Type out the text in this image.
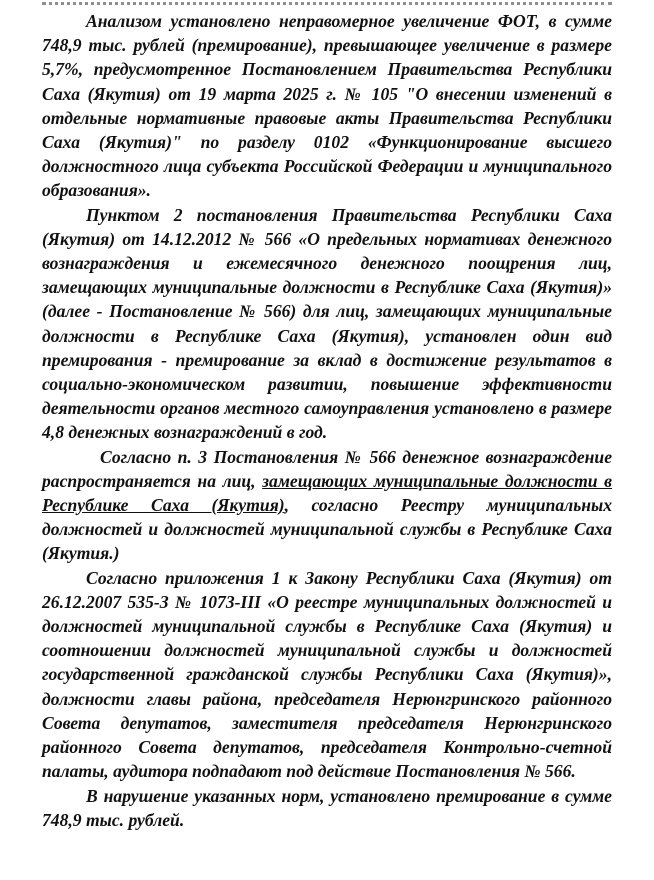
Анализом установлено неправомерное увеличение ФОТ, в сумме 748,9 тыс. рублей (премирование), превышающее увеличение в размере 5,7%, предусмотренное Постановлением Правительства Республики Саха (Якутия) от 19 марта 2025 г. № 105 "О внесении изменений в отдельные нормативные правовые акты Правительства Республики Саха (Якутия)" по разделу 0102 «Функционирование высшего должностного лица субъекта Российской Федерации и муниципального образования».

Пунктом 2 постановления Правительства Республики Саха (Якутия) от 14.12.2012 № 566 «О предельных нормативах денежного вознаграждения и ежемесячного денежного поощрения лиц, замещающих муниципальные должности в Республике Саха (Якутия)» (далее - Постановление № 566) для лиц, замещающих муниципальные должности в Республике Саха (Якутия), установлен один вид премирования - премирование за вклад в достижение результатов в социально-экономическом развитии, повышение эффективности деятельности органов местного самоуправления установлено в размере 4,8 денежных вознаграждений в год.

Согласно п. 3 Постановления № 566 денежное вознаграждение распространяется на лиц, замещающих муниципальные должности в Республике Саха (Якутия), согласно Реестру муниципальных должностей и должностей муниципальной службы в Республике Саха (Якутия.)

Согласно приложения 1 к Закону Республики Саха (Якутия) от 26.12.2007 535-З № 1073-III «О реестре муниципальных должностей и должностей муниципальной службы в Республике Саха (Якутия) и соотношении должностей муниципальной службы и должностей государственной гражданской службы Республики Саха (Якутия)», должности главы района, председателя Нерюнгринского районного Совета депутатов, заместителя председателя Нерюнгринского районного Совета депутатов, председателя Контрольно-счетной палаты, аудитора подпадают под действие Постановления № 566.

В нарушение указанных норм, установлено премирование в сумме 748,9 тыс. рублей.
